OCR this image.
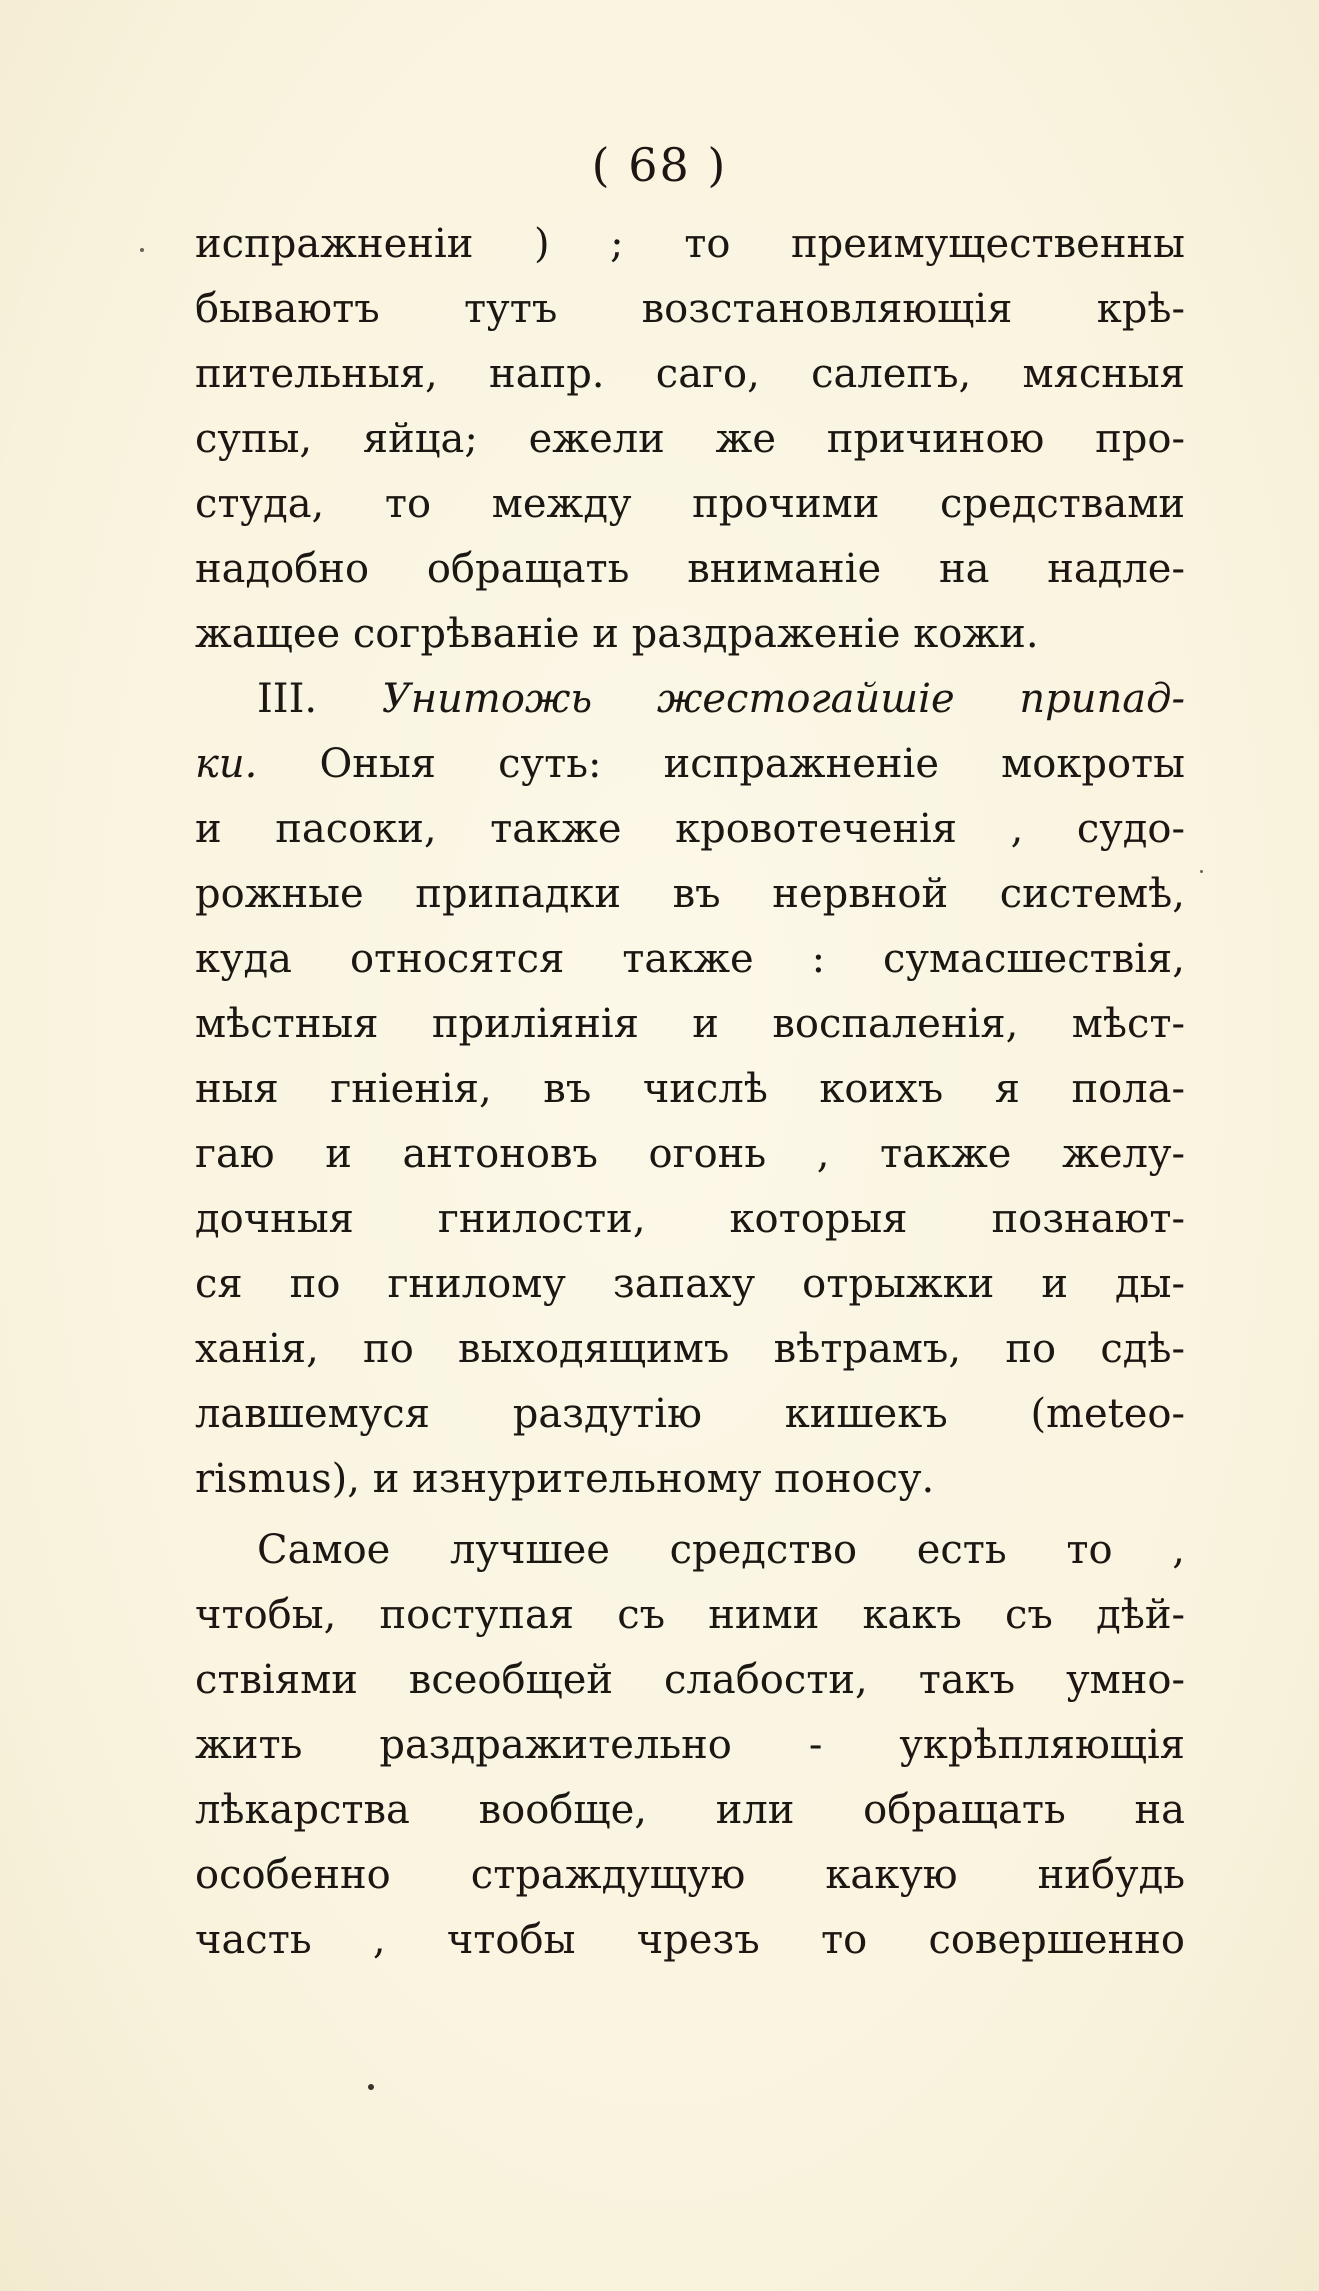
( 68 )
испражненiи ) ; то преимущественны
бываютъ тутъ возстановляющiя крѣ-
пительныя, напр. саго, салепъ, мясныя
супы, яйца; ежели же причиною про-
студа, то между прочими средствами
надобно обращать вниманiе на надле-
жащее согрѣванiе и раздраженiе кожи.
III. Унитожь жестогайшiе припад-
ки. Оныя суть: испражненiе мокроты
и пасоки, также кровотеченiя , судо-
рожные припадки въ нервной системѣ,
куда относятся также : сумасшествiя,
мѣстныя прилiянiя и воспаленiя, мѣст-
ныя гнiенiя, въ числѣ коихъ я пола-
гаю и антоновъ огонь , также желу-
дочныя гнилости, которыя познают-
ся по гнилому запаху отрыжки и ды-
ханiя, по выходящимъ вѣтрамъ, по сдѣ-
лавшемуся раздутiю кишекъ (meteo-
rismus), и изнурительному поносу.
Самое лучшее средство есть то ,
чтобы, поступая съ ними какъ съ дѣй-
ствiями всеобщей слабости, такъ умно-
жить раздражительно - укрѣпляющiя
лѣкарства вообще, или обращать на
особенно страждущую какую нибудь
часть , чтобы чрезъ то совершенно
